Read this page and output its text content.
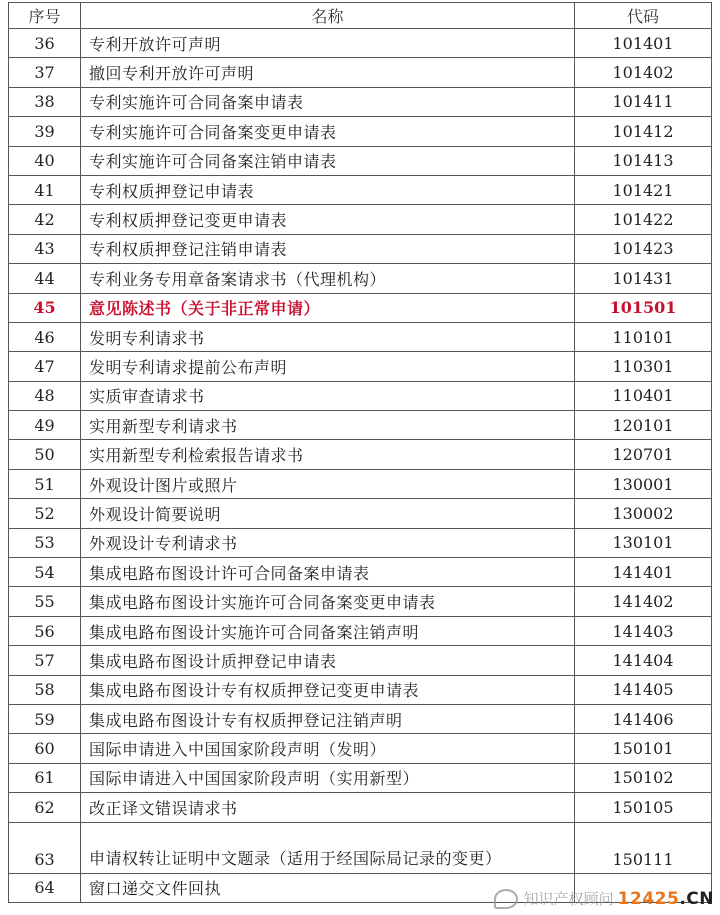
序号	名称	代码
36	专利开放许可声明	101401
37	撤回专利开放许可声明	101402
38	专利实施许可合同备案申请表	101411
39	专利实施许可合同备案变更申请表	101412
40	专利实施许可合同备案注销申请表	101413
41	专利权质押登记申请表	101421
42	专利权质押登记变更申请表	101422
43	专利权质押登记注销申请表	101423
44	专利业务专用章备案请求书（代理机构）	101431
45	意见陈述书（关于非正常申请）	101501
46	发明专利请求书	110101
47	发明专利请求提前公布声明	110301
48	实质审查请求书	110401
49	实用新型专利请求书	120101
50	实用新型专利检索报告请求书	120701
51	外观设计图片或照片	130001
52	外观设计简要说明	130002
53	外观设计专利请求书	130101
54	集成电路布图设计许可合同备案申请表	141401
55	集成电路布图设计实施许可合同备案变更申请表	141402
56	集成电路布图设计实施许可合同备案注销声明	141403
57	集成电路布图设计质押登记申请表	141404
58	集成电路布图设计专有权质押登记变更申请表	141405
59	集成电路布图设计专有权质押登记注销声明	141406
60	国际申请进入中国国家阶段声明（发明）	150101
61	国际申请进入中国国家阶段声明（实用新型）	150102
62	改正译文错误请求书	150105
63	申请权转让证明中文题录（适用于经国际局记录的变更）	150111
64	窗口递交文件回执	
知识产权顾问 12425.CN
